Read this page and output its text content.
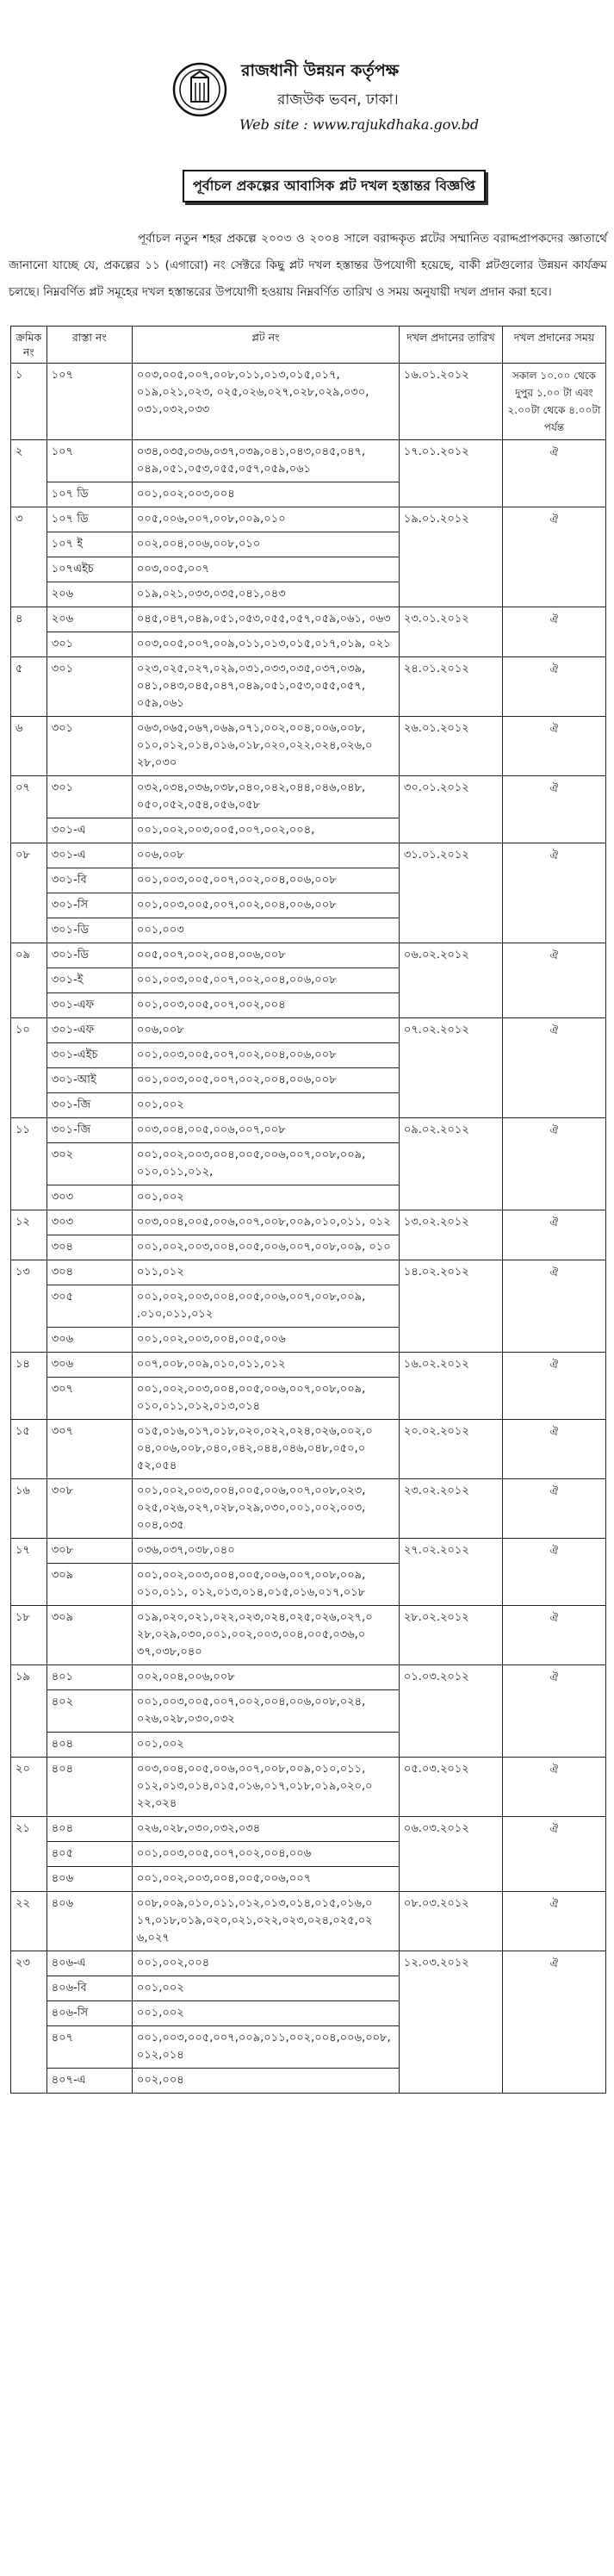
রাজধানী উন্নয়ন কর্তৃপক্ষ
রাজউক ভবন, ঢাকা।
Web site : www.rajukdhaka.gov.bd
পূর্বাচল প্রকল্পের আবাসিক প্লট দখল হস্তান্তর বিজ্ঞপ্তি
পূর্বাচল নতুন শহর প্রকল্পে ২০০৩ ও ২০০৪ সালে বরাদ্দকৃত প্লটের সম্মানিত বরাদ্দপ্রাপকদের জ্ঞাতার্থে জানানো যাচ্ছে যে, প্রকল্পের ১১ (এগারো) নং সেক্টরে কিছু প্লট দখল হস্তান্তর উপযোগী হয়েছে, বাকী প্লটগুলোর উন্নয়ন কার্যক্রম চলছে। নিম্নবর্ণিত প্লট সমূহের দখল হস্তান্তরের উপযোগী হওয়ায় নিম্নবর্ণিত তারিখ ও সময় অনুযায়ী দখল প্রদান করা হবে।
ক্রমিক নং	রাস্তা নং	প্লট নং	দখল প্রদানের তারিখ	দখল প্রদানের সময়
১	১০৭	০০৩,০০৫,০০৭,০০৮,০১১,০১৩,০১৫,০১৭, ০১৯,০২১,০২৩, ০২৫,০২৬,০২৭,০২৮,০২৯,০৩০, ০৩১,০৩২,০৩৩	১৬.০১.২০১২	সকাল ১০.০০ থেকে দুপুর ১.০০ টা এবং ২.০০টা থেকে ৪.০০টা পর্যন্ত
২	১০৭	০৩৪,০৩৫,০৩৬,০৩৭,০৩৯,০৪১,০৪৩,০৪৫,০৪৭, ০৪৯,০৫১,০৫৩,০৫৫,০৫৭,০৫৯,০৬১	১৭.০১.২০১২	ঐ
	১০৭ ডি	০০১,০০২,০০৩,০০৪		
৩	১০৭ ডি	০০৫,০০৬,০০৭,০০৮,০০৯,০১০	১৯.০১.২০১২	ঐ
	১০৭ ই	০০২,০০৪,০০৬,০০৮,০১০		
	১০৭এইচ	০০৩,০০৫,০০৭		
	২০৬	০১৯,০২১,০৩৩,০৩৫,০৪১,০৪৩		
৪	২০৬	০৪৫,০৪৭,০৪৯,০৫১,০৫৩,০৫৫,০৫৭,০৫৯,০৬১, ০৬৩	২৩.০১.২০১২	ঐ
	৩০১	০০৩,০০৫,০০৭,০০৯,০১১,০১৩,০১৫,০১৭,০১৯, ০২১		
৫	৩০১	০২৩,০২৫,০২৭,০২৯,০৩১,০৩৩,০৩৫,০৩৭,০৩৯, ০৪১,০৪৩,০৪৫,০৪৭,০৪৯,০৫১,০৫৩,০৫৫,০৫৭, ০৫৯,০৬১	২৪.০১.২০১২	ঐ
৬	৩০১	০৬৩,০৬৫,০৬৭,০৬৯,০৭১,০০২,০০৪,০০৬,০০৮, ০১০,০১২,০১৪,০১৬,০১৮,০২০,০২২,০২৪,০২৬,০ ২৮,০৩০	২৬.০১.২০১২	ঐ
০৭	৩০১	০৩২,০৩৪,০৩৬,০৩৮,০৪০,০৪২,০৪৪,০৪৬,০৪৮, ০৫০,০৫২,০৫৪,০৫৬,০৫৮	৩০.০১.২০১২	ঐ
	৩০১-এ	০০১,০০২,০০৩,০০৫,০০৭,০০২,০০৪,		
০৮	৩০১-এ	০০৬,০০৮	৩১.০১.২০১২	ঐ
	৩০১-বি	০০১,০০৩,০০৫,০০৭,০০২,০০৪,০০৬,০০৮		
	৩০১-সি	০০১,০০৩,০০৫,০০৭,০০২,০০৪,০০৬,০০৮		
	৩০১-ডি	০০১,০০৩		
০৯	৩০১-ডি	০০৫,০০৭,০০২,০০৪,০০৬,০০৮	০৬.০২.২০১২	ঐ
	৩০১-ই	০০১,০০৩,০০৫,০০৭,০০২,০০৪,০০৬,০০৮		
	৩০১-এফ	০০১,০০৩,০০৫,০০৭,০০২,০০৪		
১০	৩০১-এফ	০০৬,০০৮	০৭.০২.২০১২	ঐ
	৩০১-এইচ	০০১,০০৩,০০৫,০০৭,০০২,০০৪,০০৬,০০৮		
	৩০১-আই	০০১,০০৩,০০৫,০০৭,০০২,০০৪,০০৬,০০৮		
	৩০১-জি	০০১,০০২		
১১	৩০১-জি	০০৩,০০৪,০০৫,০০৬,০০৭,০০৮	০৯.০২.২০১২	ঐ
	৩০২	০০১,০০২,০০৩,০০৪,০০৫,০০৬,০০৭,০০৮,০০৯, ০১০,০১১,০১২,		
	৩০৩	০০১,০০২		
১২	৩০৩	০০৩,০০৪,০০৫,০০৬,০০৭,০০৮,০০৯,০১০,০১১, ০১২	১৩.০২.২০১২	ঐ
	৩০৪	০০১,০০২,০০৩,০০৪,০০৫,০০৬,০০৭,০০৮,০০৯, ০১০		
১৩	৩০৪	০১১,০১২	১৪.০২.২০১২	ঐ
	৩০৫	০০১,০০২,০০৩,০০৪,০০৫,০০৬,০০৭,০০৮,০০৯, .০১০,০১১,০১২		
	৩০৬	০০১,০০২,০০৩,০০৪,০০৫,০০৬		
১৪	৩০৬	০০৭,০০৮,০০৯,০১০,০১১,০১২	১৬.০২.২০১২	ঐ
	৩০৭	০০১,০০২,০০৩,০০৪,০০৫,০০৬,০০৭,০০৮,০০৯, ০১০,০১১,০১২,০১৩,০১৪		
১৫	৩০৭	০১৫,০১৬,০১৭,০১৮,০২০,০২২,০২৪,০২৬,০০২,০ ০৪,০০৬,০০৮,০৪০,০৪২,০৪৪,০৪৬,০৪৮,০৫০,০ ৫২,০৫৪	২০.০২.২০১২	ঐ
১৬	৩০৮	০০১,০০২,০০৩,০০৪,০০৫,০০৬,০০৭,০০৮,০২৩, ০২৫,০২৬,০২৭,০২৮,০২৯,০৩০,০০১,০০২,০০৩, ০০৪,০৩৫	২৩.০২.২০১২	ঐ
১৭	৩০৮	০৩৬,০৩৭,০৩৮,০৪০	২৭.০২.২০১২	ঐ
	৩০৯	০০১,০০২,০০৩,০০৪,০০৫,০০৬,০০৭,০০৮,০০৯, ০১০,০১১, ০১২,০১৩,০১৪,০১৫,০১৬,০১৭,০১৮		
১৮	৩০৯	০১৯,০২০,০২১,০২২,০২৩,০২৪,০২৫,০২৬,০২৭,০ ২৮,০২৯,০৩০,০০১,০০২,০০৩,০০৪,০০৫,০৩৬,০ ৩৭,০৩৮,০৪০	২৮.০২.২০১২	ঐ
১৯	৪০১	০০২,০০৪,০০৬,০০৮	০১.০৩.২০১২	ঐ
	৪০২	০০১,০০৩,০০৫,০০৭,০০২,০০৪,০০৬,০০৮,০২৪, ০২৬,০২৮,০৩০,০৩২		
	৪০৪	০০১,০০২		
২০	৪০৪	০০৩,০০৪,০০৫,০০৬,০০৭,০০৮,০০৯,০১০,০১১, ০১২,০১৩,০১৪,০১৫,০১৬,০১৭,০১৮,০১৯,০২০,০ ২২,০২৪	০৫.০৩.২০১২	ঐ
২১	৪০৪	০২৬,০২৮,০৩০,০৩২,০৩৪	০৬.০৩.২০১২	ঐ
	৪০৫	০০১,০০৩,০০৫,০০৭,০০২,০০৪,০০৬		
	৪০৬	০০১,০০২,০০৩,০০৪,০০৫,০০৬,০০৭		
২২	৪০৬	০০৮,০০৯,০১০,০১১,০১২,০১৩,০১৪,০১৫,০১৬,০ ১৭,০১৮,০১৯,০২০,০২১,০২২,০২৩,০২৪,০২৫,০২ ৬,০২৭	০৮.০৩.২০১২	ঐ
২৩	৪০৬-এ	০০১,০০২,০০৪	১২.০৩.২০১২	ঐ
	৪০৬-বি	০০১,০০২		
	৪০৬-সি	০০১,০০২		
	৪০৭	০০১,০০৩,০০৫,০০৭,০০৯,০১১,০০২,০০৪,০০৬,০০৮, ০১২,০১৪		
	৪০৭-এ	০০২,০০৪		
